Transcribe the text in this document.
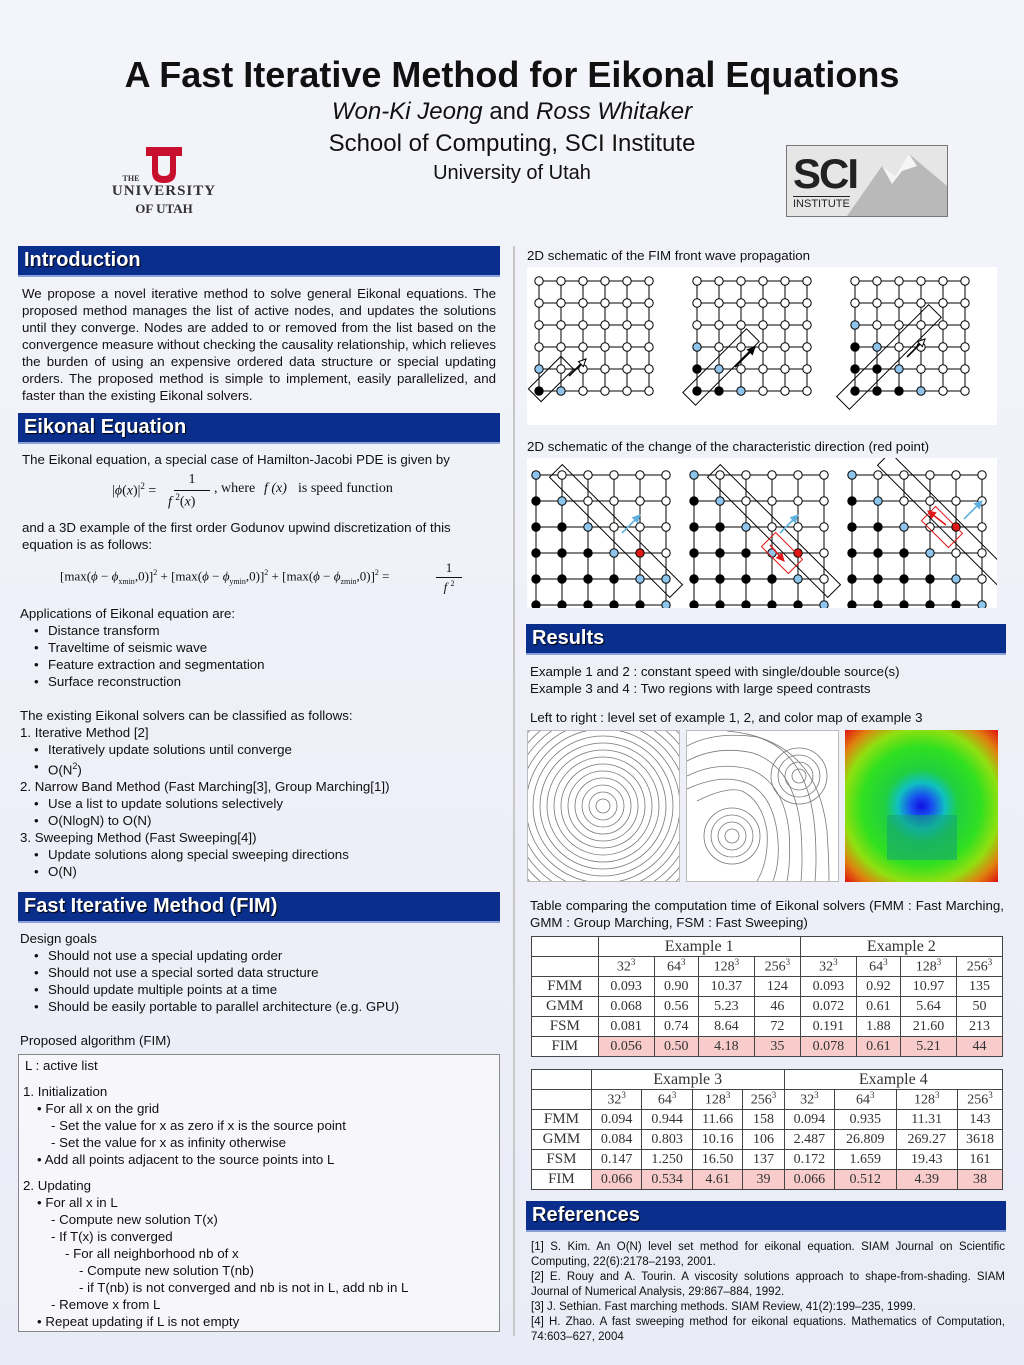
A Fast Iterative Method for Eikonal Equations
Won-Ki Jeong and Ross Whitaker
School of Computing, SCI Institute
University of Utah
THE
UNIVERSITY
OF UTAH
SCI
INSTITUTE
Introduction
We propose a novel iterative method to solve general Eikonal equations. The proposed method manages the list of active nodes, and updates the solutions until they converge. Nodes are added to or removed from the list based on the convergence measure without checking the causality relationship, which relieves the burden of using an expensive ordered data structure or special updating orders. The proposed method is simple to implement, easily parallelized, and faster than the existing Eikonal solvers.
Eikonal Equation
The Eikonal equation, a special case of Hamilton-Jacobi PDE is given by
$|\phi(x)|^2$ =
1
f $^2$(x)
, where f (x) is speed function
and a 3D example of the first order Godunov upwind discretization of this equation is as follows:
$[\max(\phi - \phi_{xmin},0)]^2 + [\max(\phi - \phi_{ymin},0)]^2 + [\max(\phi - \phi_{zmin},0)]^2$ =
1
f $^2$
Applications of Eikonal equation are:
• Distance transform
• Traveltime of seismic wave
• Feature extraction and segmentation
• Surface reconstruction
The existing Eikonal solvers can be classified as follows:
1. Iterative Method [2]
• Iteratively update solutions until converge
• $O(N^2)$
2. Narrow Band Method (Fast Marching[3], Group Marching[1])
• Use a list to update solutions selectively
• O(NlogN) to O(N)
3. Sweeping Method (Fast Sweeping[4])
• Update solutions along special sweeping directions
• O(N)
Fast Iterative Method (FIM)
Design goals
• Should not use a special updating order
• Should not use a special sorted data structure
• Should update multiple points at a time
• Should be easily portable to parallel architecture (e.g. GPU)
Proposed algorithm (FIM)
L : active list
1. Initialization
• For all x on the grid
- Set the value for x as zero if x is the source point
- Set the value for x as infinity otherwise
• Add all points adjacent to the source points into L
2. Updating
• For all x in L
- Compute new solution T(x)
- If T(x) is converged
- For all neighborhood nb of x
- Compute new solution T(nb)
- if T(nb) is not converged and nb is not in L, add nb in L
- Remove x from L
• Repeat updating if L is not empty
2D schematic of the FIM front wave propagation
2D schematic of the change of the characteristic direction (red point)
Results
Example 1 and 2 : constant speed with single/double source(s)
Example 3 and 4 : Two regions with large speed contrasts
Left to right : level set of example 1, 2, and color map of example 3
Table comparing the computation time of Eikonal solvers (FMM : Fast Marching, GMM : Group Marching, FSM : Fast Sweeping)
	Example 1				Example 2			
	$32^3$	$64^3$	$128^3$	$256^3$	$32^3$	$64^3$	$128^3$	$256^3$
FMM	0.093	0.90	10.37	124	0.093	0.92	10.97	135
GMM	0.068	0.56	5.23	46	0.072	0.61	5.64	50
FSM	0.081	0.74	8.64	72	0.191	1.88	21.60	213
FIM	0.056	0.50	4.18	35	0.078	0.61	5.21	44
	Example 3				Example 4			
	$32^3$	$64^3$	$128^3$	$256^3$	$32^3$	$64^3$	$128^3$	$256^3$
FMM	0.094	0.944	11.66	158	0.094	0.935	11.31	143
GMM	0.084	0.803	10.16	106	2.487	26.809	269.27	3618
FSM	0.147	1.250	16.50	137	0.172	1.659	19.43	161
FIM	0.066	0.534	4.61	39	0.066	0.512	4.39	38
References
[1] S. Kim. An O(N) level set method for eikonal equation. SIAM Journal on Scientific Computing, 22(6):2178–2193, 2001.
[2] E. Rouy and A. Tourin. A viscosity solutions approach to shape-from-shading. SIAM Journal of Numerical Analysis, 29:867–884, 1992.
[3] J. Sethian. Fast marching methods. SIAM Review, 41(2):199–235, 1999.
[4] H. Zhao. A fast sweeping method for eikonal equations. Mathematics of Computation, 74:603–627, 2004
